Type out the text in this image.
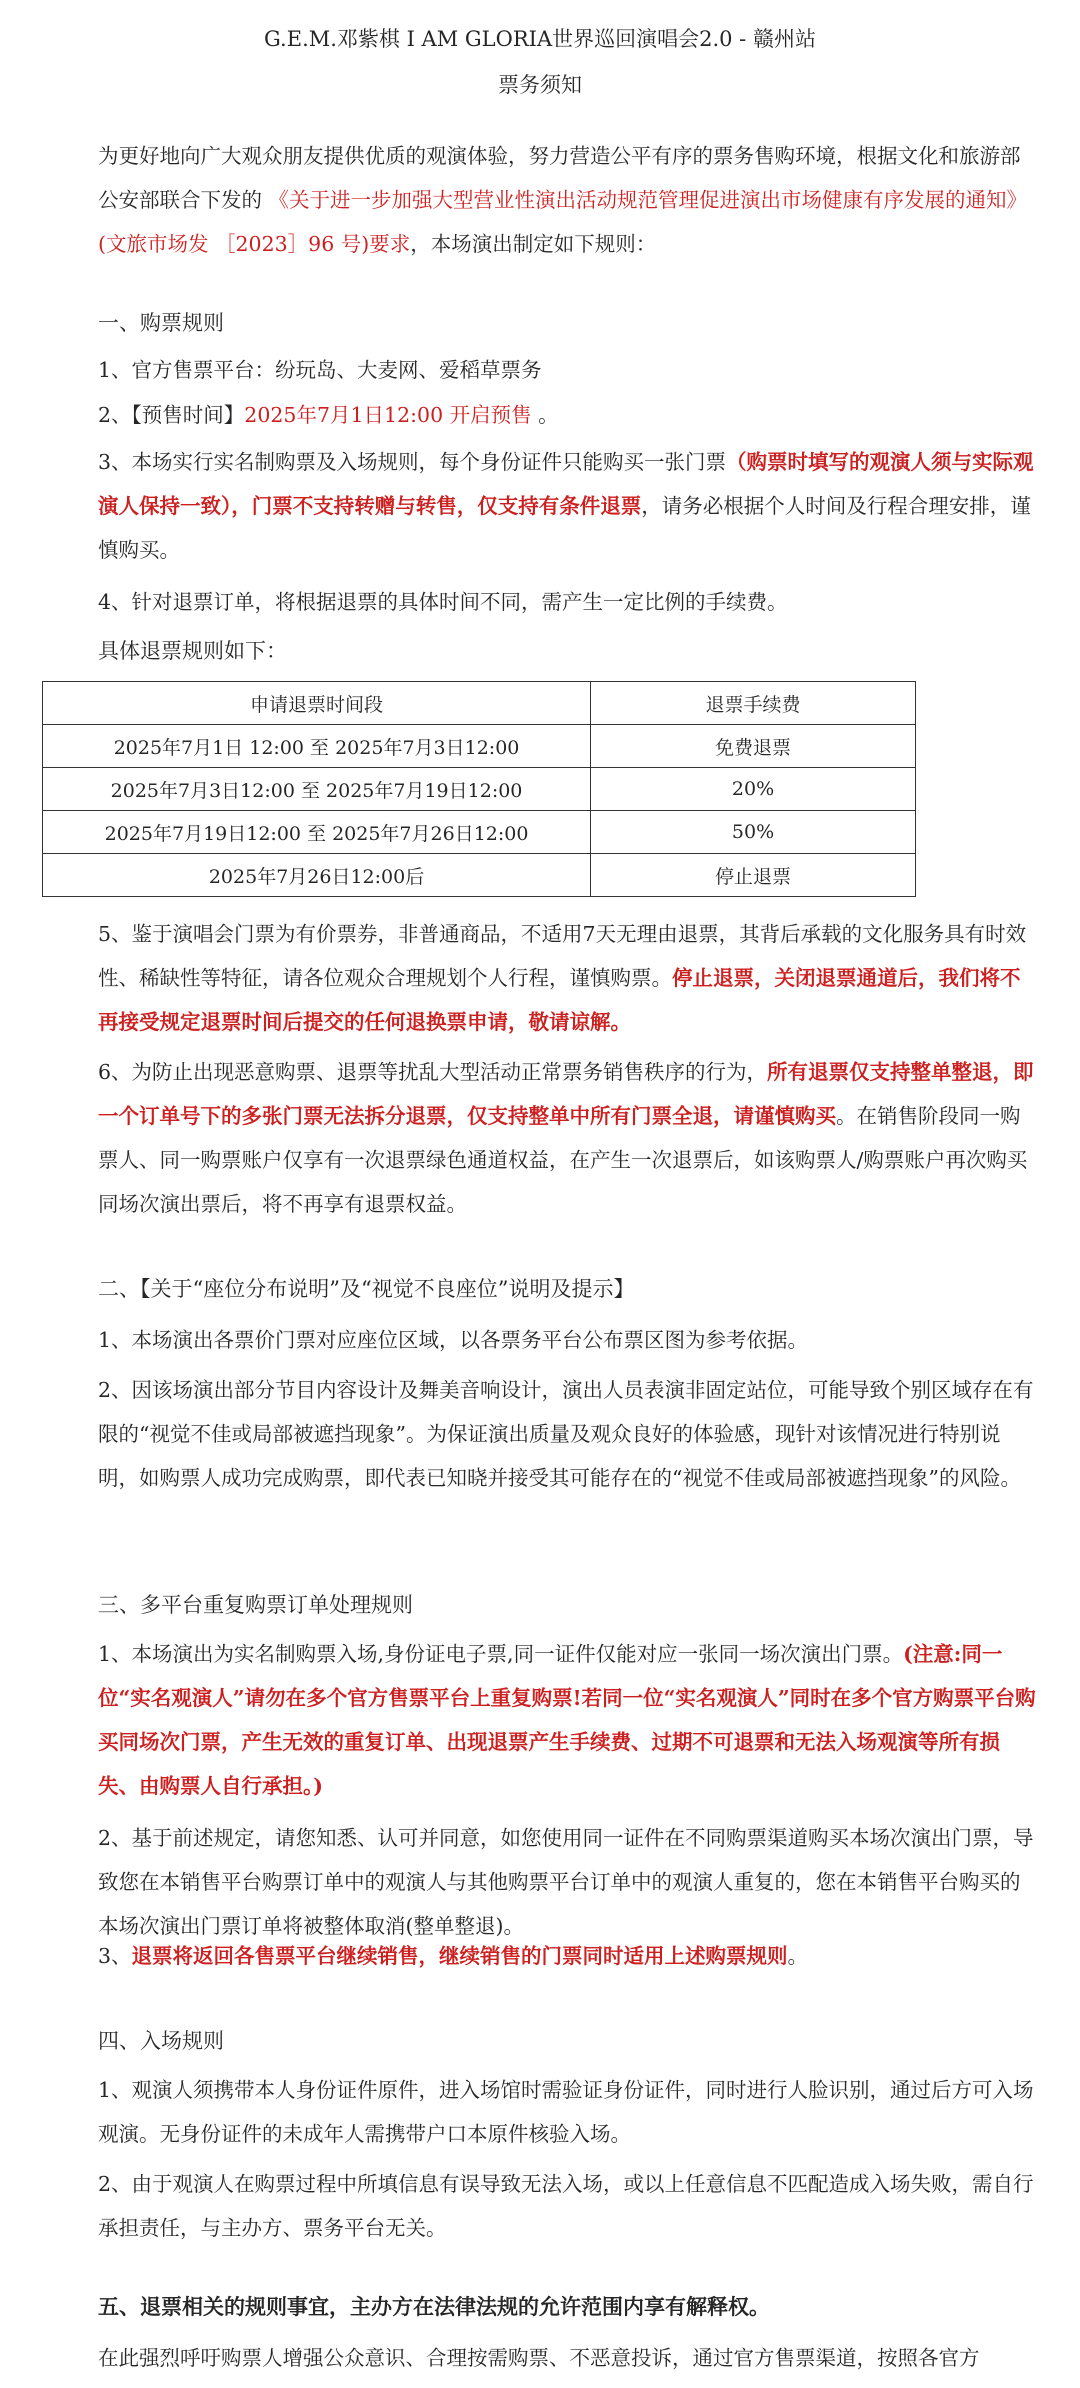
G.E.M.邓紫棋 I AM GLORIA世界巡回演唱会2.0 - 赣州站
票务须知

为更好地向广大观众朋友提供优质的观演体验，努力营造公平有序的票务售购环境，根据文化和旅游部公安部联合下发的 《关于进一步加强大型营业性演出活动规范管理促进演出市场健康有序发展的通知》(文旅市场发 ［2023］96 号)要求，本场演出制定如下规则：

一、购票规则
1、官方售票平台：纷玩岛、大麦网、爱稻草票务
2、【预售时间】2025年7月1日12:00 开启预售 。
3、本场实行实名制购票及入场规则，每个身份证件只能购买一张门票（购票时填写的观演人须与实际观演人保持一致），门票不支持转赠与转售，仅支持有条件退票，请务必根据个人时间及行程合理安排，谨慎购买。
4、针对退票订单，将根据退票的具体时间不同，需产生一定比例的手续费。
具体退票规则如下：
申请退票时间段	退票手续费
2025年7月1日 12:00 至 2025年7月3日12:00	免费退票
2025年7月3日12:00 至 2025年7月19日12:00	20%
2025年7月19日12:00 至 2025年7月26日12:00	50%
2025年7月26日12:00后	停止退票
5、鉴于演唱会门票为有价票券，非普通商品，不适用7天无理由退票，其背后承载的文化服务具有时效性、稀缺性等特征，请各位观众合理规划个人行程，谨慎购票。停止退票，关闭退票通道后，我们将不再接受规定退票时间后提交的任何退换票申请，敬请谅解。
6、为防止出现恶意购票、退票等扰乱大型活动正常票务销售秩序的行为，所有退票仅支持整单整退，即一个订单号下的多张门票无法拆分退票，仅支持整单中所有门票全退，请谨慎购买。在销售阶段同一购票人、同一购票账户仅享有一次退票绿色通道权益，在产生一次退票后，如该购票人/购票账户再次购买同场次演出票后，将不再享有退票权益。
二、【关于“座位分布说明”及“视觉不良座位”说明及提示】
1、本场演出各票价门票对应座位区域，以各票务平台公布票区图为参考依据。
2、因该场演出部分节目内容设计及舞美音响设计，演出人员表演非固定站位，可能导致个别区域存在有限的“视觉不佳或局部被遮挡现象”。为保证演出质量及观众良好的体验感，现针对该情况进行特别说明，如购票人成功完成购票，即代表已知晓并接受其可能存在的“视觉不佳或局部被遮挡现象”的风险。
三、多平台重复购票订单处理规则
1、本场演出为实名制购票入场,身份证电子票,同一证件仅能对应一张同一场次演出门票。(注意:同一位“实名观演人”请勿在多个官方售票平台上重复购票!若同一位“实名观演人”同时在多个官方购票平台购买同场次门票，产生无效的重复订单、出现退票产生手续费、过期不可退票和无法入场观演等所有损失、由购票人自行承担。)
2、基于前述规定，请您知悉、认可并同意，如您使用同一证件在不同购票渠道购买本场次演出门票，导致您在本销售平台购票订单中的观演人与其他购票平台订单中的观演人重复的，您在本销售平台购买的本场次演出门票订单将被整体取消(整单整退)。
3、退票将返回各售票平台继续销售，继续销售的门票同时适用上述购票规则。
四、入场规则
1、观演人须携带本人身份证件原件，进入场馆时需验证身份证件，同时进行人脸识别，通过后方可入场观演。无身份证件的未成年人需携带户口本原件核验入场。
2、由于观演人在购票过程中所填信息有误导致无法入场，或以上任意信息不匹配造成入场失败，需自行承担责任，与主办方、票务平台无关。
五、退票相关的规则事宜，主办方在法律法规的允许范围内享有解释权。
在此强烈呼吁购票人增强公众意识、合理按需购票、不恶意投诉，通过官方售票渠道，按照各官方
